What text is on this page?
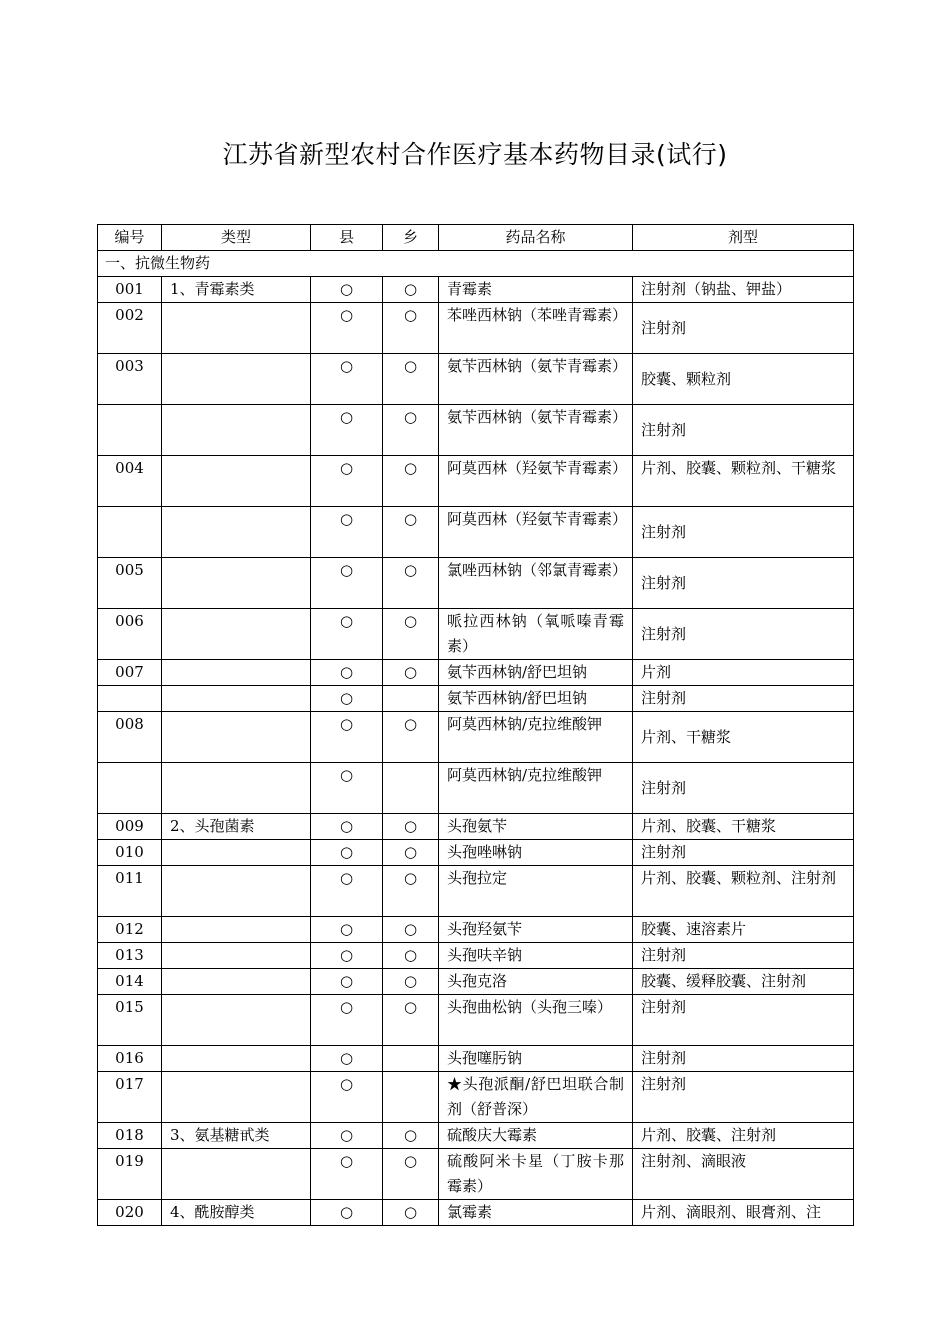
江苏省新型农村合作医疗基本药物目录(试行)
编号	类型	县	乡	药品名称	剂型
一、抗微生物药					
001	1、青霉素类	○	○	青霉素	注射剂（钠盐、钾盐）
002		○	○	苯唑西林钠（苯唑青霉素）	注射剂
003		○	○	氨苄西林钠（氨苄青霉素）	胶囊、颗粒剂
		○	○	氨苄西林钠（氨苄青霉素）	注射剂
004		○	○	阿莫西林（羟氨苄青霉素）	片剂、胶囊、颗粒剂、干糖浆
		○	○	阿莫西林（羟氨苄青霉素）	注射剂
005		○	○	氯唑西林钠（邻氯青霉素）	注射剂
006		○	○	哌拉西林钠（氧哌嗪青霉素）	注射剂
007		○	○	氨苄西林钠/舒巴坦钠	片剂
		○		氨苄西林钠/舒巴坦钠	注射剂
008		○	○	阿莫西林钠/克拉维酸钾	片剂、干糖浆
		○		阿莫西林钠/克拉维酸钾	注射剂
009	2、头孢菌素	○	○	头孢氨苄	片剂、胶囊、干糖浆
010		○	○	头孢唑啉钠	注射剂
011		○	○	头孢拉定	片剂、胶囊、颗粒剂、注射剂
012		○	○	头孢羟氨苄	胶囊、速溶素片
013		○	○	头孢呋辛钠	注射剂
014		○	○	头孢克洛	胶囊、缓释胶囊、注射剂
015		○	○	头孢曲松钠（头孢三嗪）	注射剂
016		○		头孢噻肟钠	注射剂
017		○		★头孢派酮/舒巴坦联合制剂（舒普深）	注射剂
018	3、氨基糖甙类	○	○	硫酸庆大霉素	片剂、胶囊、注射剂
019		○	○	硫酸阿米卡星（丁胺卡那霉素）	注射剂、滴眼液
020	4、酰胺醇类	○	○	氯霉素	片剂、滴眼剂、眼膏剂、注
